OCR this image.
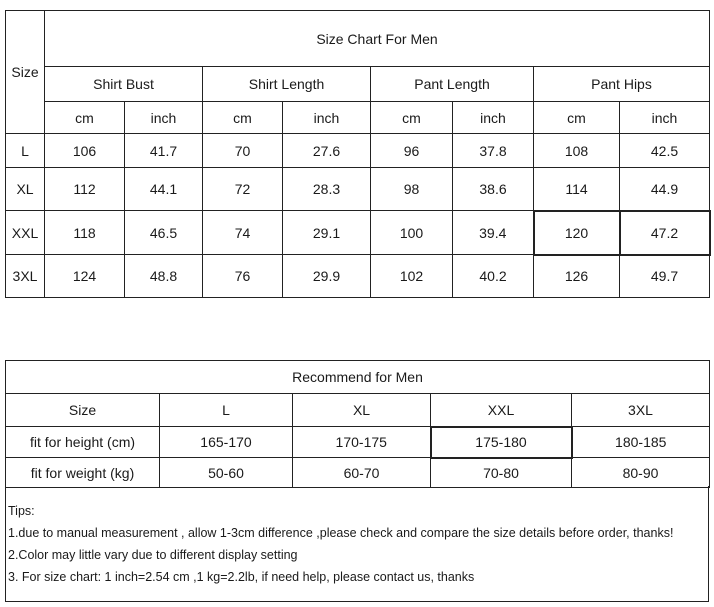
Size	Size Chart For Men							
	Shirt Bust		Shirt Length		Pant Length		Pant Hips	
	cm	inch	cm	inch	cm	inch	cm	inch
L	106	41.7	70	27.6	96	37.8	108	42.5
XL	112	44.1	72	28.3	98	38.6	114	44.9
XXL	118	46.5	74	29.1	100	39.4	120	47.2
3XL	124	48.8	76	29.9	102	40.2	126	49.7
Recommend for Men				
Size	L	XL	XXL	3XL
fit for height (cm)	165-170	170-175	175-180	180-185
fit for weight (kg)	50-60	60-70	70-80	80-90

Tips:

1.due to manual measurement , allow 1-3cm difference ,please check and compare the size details before order, thanks!

2.Color may little vary due to different display setting

3. For size chart: 1 inch=2.54 cm ,1 kg=2.2lb, if need help, please contact us, thanks
